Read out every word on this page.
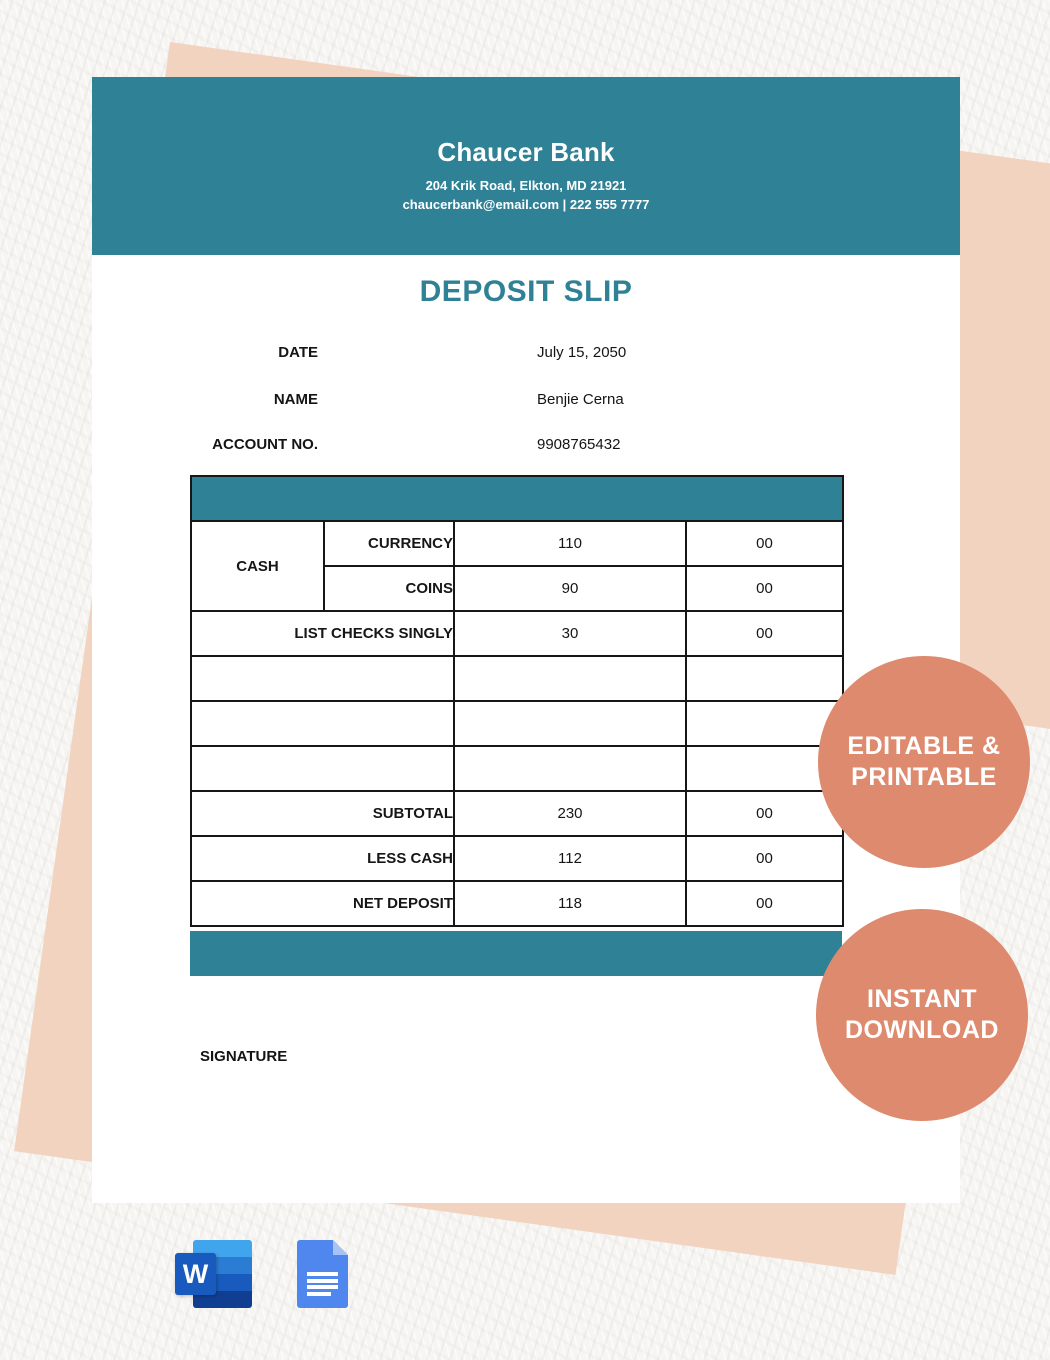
Chaucer Bank
204 Krik Road, Elkton, MD 21921
chaucerbank@email.com | 222 555 7777
DEPOSIT SLIP
DATE	July 15, 2050
NAME	Benjie Cerna
ACCOUNT NO.	9908765432

CASH	CURRENCY	110	00
	COINS	90	00
LIST CHECKS SINGLY		30	00

SUBTOTAL		230	00
LESS CASH		112	00
NET DEPOSIT		118	00
SIGNATURE
EDITABLE &
PRINTABLE
INSTANT
DOWNLOAD
W
